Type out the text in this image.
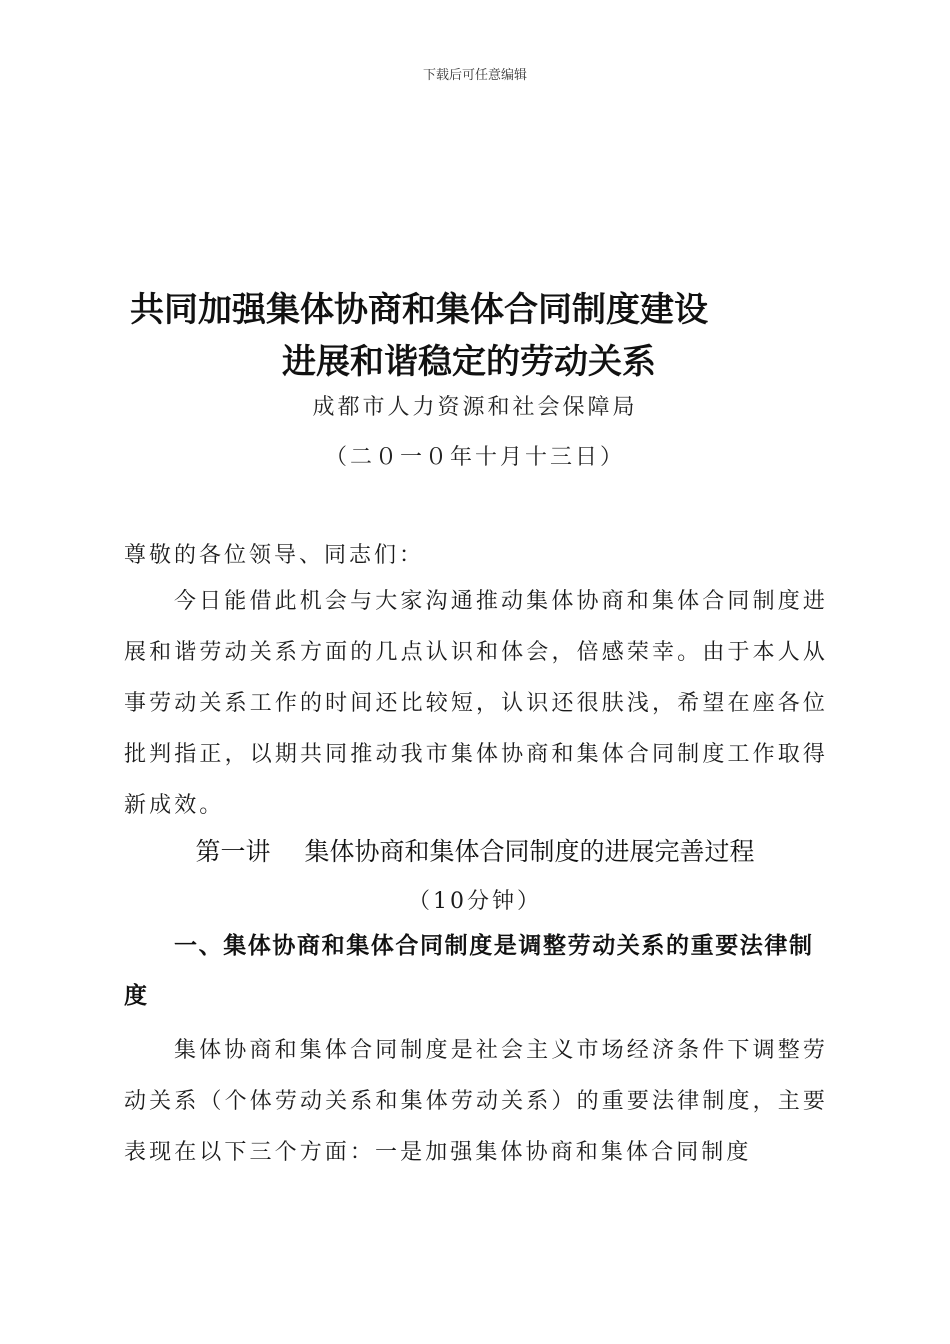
下载后可任意编辑
共同加强集体协商和集体合同制度建设
进展和谐稳定的劳动关系
成都市人力资源和社会保障局
（二０一０年十月十三日）
尊敬的各位领导、同志们：

今日能借此机会与大家沟通推动集体协商和集体合同制度进展和谐劳动关系方面的几点认识和体会，倍感荣幸。由于本人从事劳动关系工作的时间还比较短，认识还很肤浅，希望在座各位批判指正，以期共同推动我市集体协商和集体合同制度工作取得新成效。

第一讲 集体协商和集体合同制度的进展完善过程
（10分钟）

一、集体协商和集体合同制度是调整劳动关系的重要法律制度

集体协商和集体合同制度是社会主义市场经济条件下调整劳动关系（个体劳动关系和集体劳动关系）的重要法律制度，主要表现在以下三个方面：一是加强集体协商和集体合同制度
